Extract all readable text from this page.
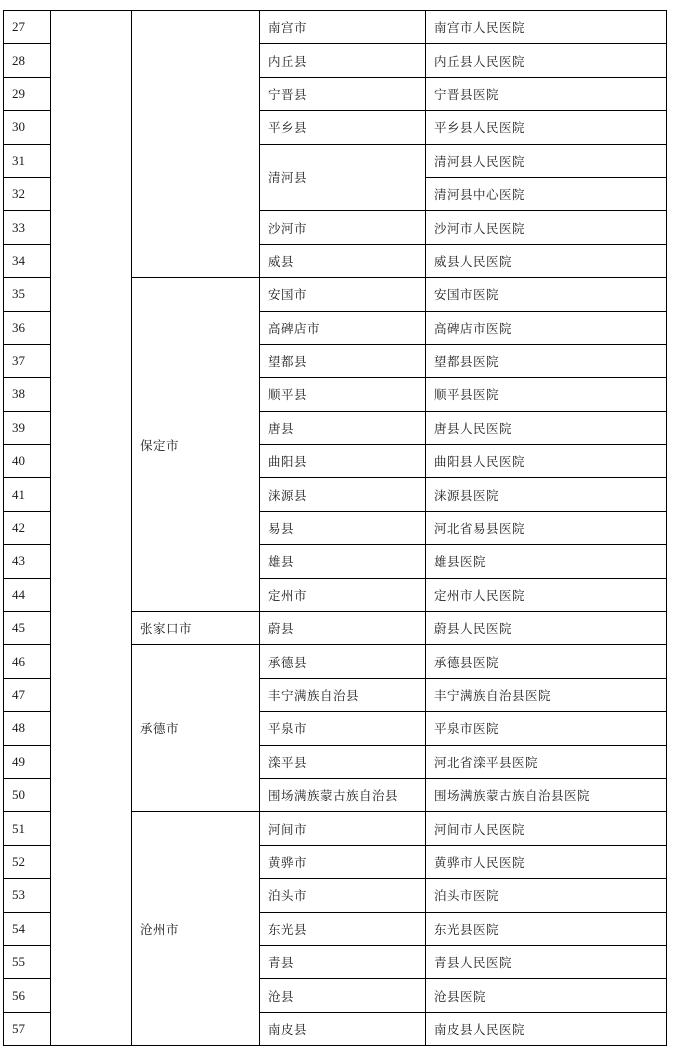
27			南宫市	南宫市人民医院
28			内丘县	内丘县人民医院
29			宁晋县	宁晋县医院
30			平乡县	平乡县人民医院
31			清河县	清河县人民医院
32				清河县中心医院
33			沙河市	沙河市人民医院
34			威县	威县人民医院
35		保定市	安国市	安国市医院
36			高碑店市	高碑店市医院
37			望都县	望都县医院
38			顺平县	顺平县医院
39			唐县	唐县人民医院
40			曲阳县	曲阳县人民医院
41			涞源县	涞源县医院
42			易县	河北省易县医院
43			雄县	雄县医院
44			定州市	定州市人民医院
45		张家口市	蔚县	蔚县人民医院
46		承德市	承德县	承德县医院
47			丰宁满族自治县	丰宁满族自治县医院
48			平泉市	平泉市医院
49			滦平县	河北省滦平县医院
50			围场满族蒙古族自治县	围场满族蒙古族自治县医院
51		沧州市	河间市	河间市人民医院
52			黄骅市	黄骅市人民医院
53			泊头市	泊头市医院
54			东光县	东光县医院
55			青县	青县人民医院
56			沧县	沧县医院
57			南皮县	南皮县人民医院
